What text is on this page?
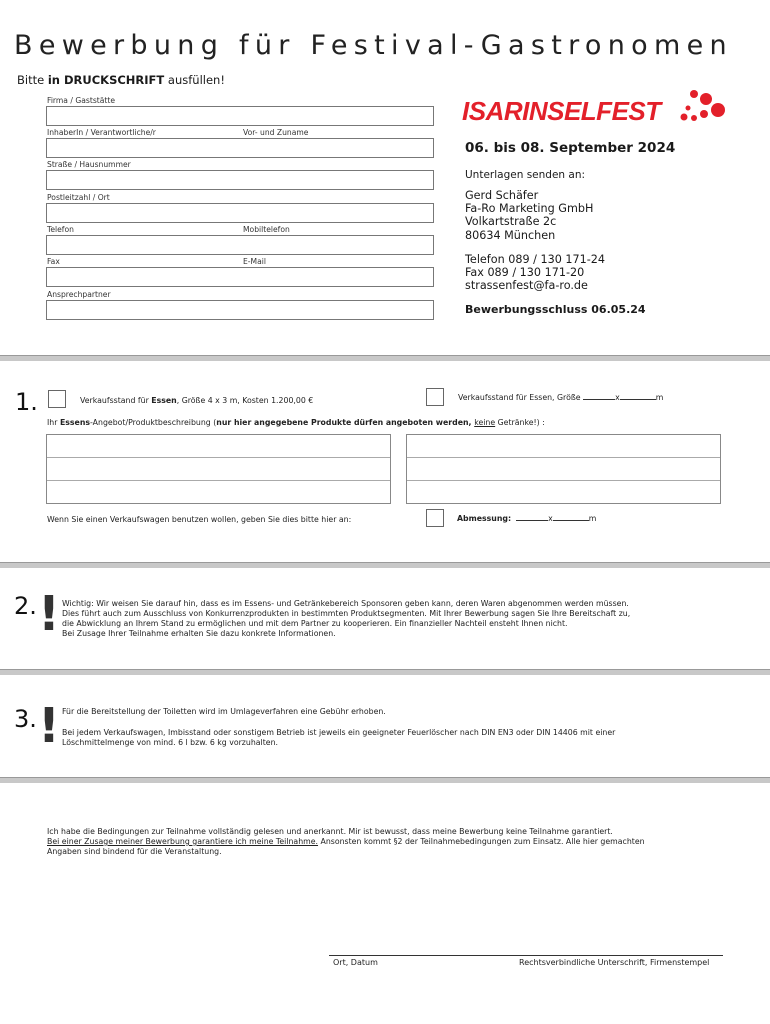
Bewerbung für Festival-Gastronomen
Bitte in DRUCKSCHRIFT ausfüllen!
Firma / Gaststätte
InhaberIn / Verantwortliche/r	Vor- und Zuname
Straße / Hausnummer
Postleitzahl / Ort
Telefon	Mobiltelefon
Fax	E-Mail
Ansprechpartner
ISARINSELFEST
06. bis 08. September 2024
Unterlagen senden an:
Gerd Schäfer
Fa-Ro Marketing GmbH
Volkartstraße 2c
80634 München
Telefon 089 / 130 171-24
Fax 089 / 130 171-20
strassenfest@fa-ro.de
Bewerbungsschluss 06.05.24
1.	Verkaufsstand für Essen, Größe 4 x 3 m, Kosten 1.200,00 €	Verkaufsstand für Essen, Größe	x	m
Ihr Essens-Angebot/Produktbeschreibung (nur hier angegebene Produkte dürfen angeboten werden, keine Getränke!) :
Wenn Sie einen Verkaufswagen benutzen wollen, geben Sie dies bitte hier an:	Abmessung:	x	m
2. ! Wichtig: Wir weisen Sie darauf hin, dass es im Essens- und Getränkebereich Sponsoren geben kann, deren Waren abgenommen werden müssen.
Dies führt auch zum Ausschluss von Konkurrenzprodukten in bestimmten Produktsegmenten. Mit Ihrer Bewerbung sagen Sie Ihre Bereitschaft zu,
die Abwicklung an Ihrem Stand zu ermöglichen und mit dem Partner zu kooperieren. Ein finanzieller Nachteil ensteht Ihnen nicht.
Bei Zusage Ihrer Teilnahme erhalten Sie dazu konkrete Informationen.
3. ! Für die Bereitstellung der Toiletten wird im Umlageverfahren eine Gebühr erhoben.
Bei jedem Verkaufswagen, Imbisstand oder sonstigem Betrieb ist jeweils ein geeigneter Feuerlöscher nach DIN EN3 oder DIN 14406 mit einer
Löschmittelmenge von mind. 6 l bzw. 6 kg vorzuhalten.
Ich habe die Bedingungen zur Teilnahme vollständig gelesen und anerkannt. Mir ist bewusst, dass meine Bewerbung keine Teilnahme garantiert.
Bei einer Zusage meiner Bewerbung garantiere ich meine Teilnahme. Ansonsten kommt §2 der Teilnahmebedingungen zum Einsatz. Alle hier gemachten
Angaben sind bindend für die Veranstaltung.
Ort, Datum	Rechtsverbindliche Unterschrift, Firmenstempel
